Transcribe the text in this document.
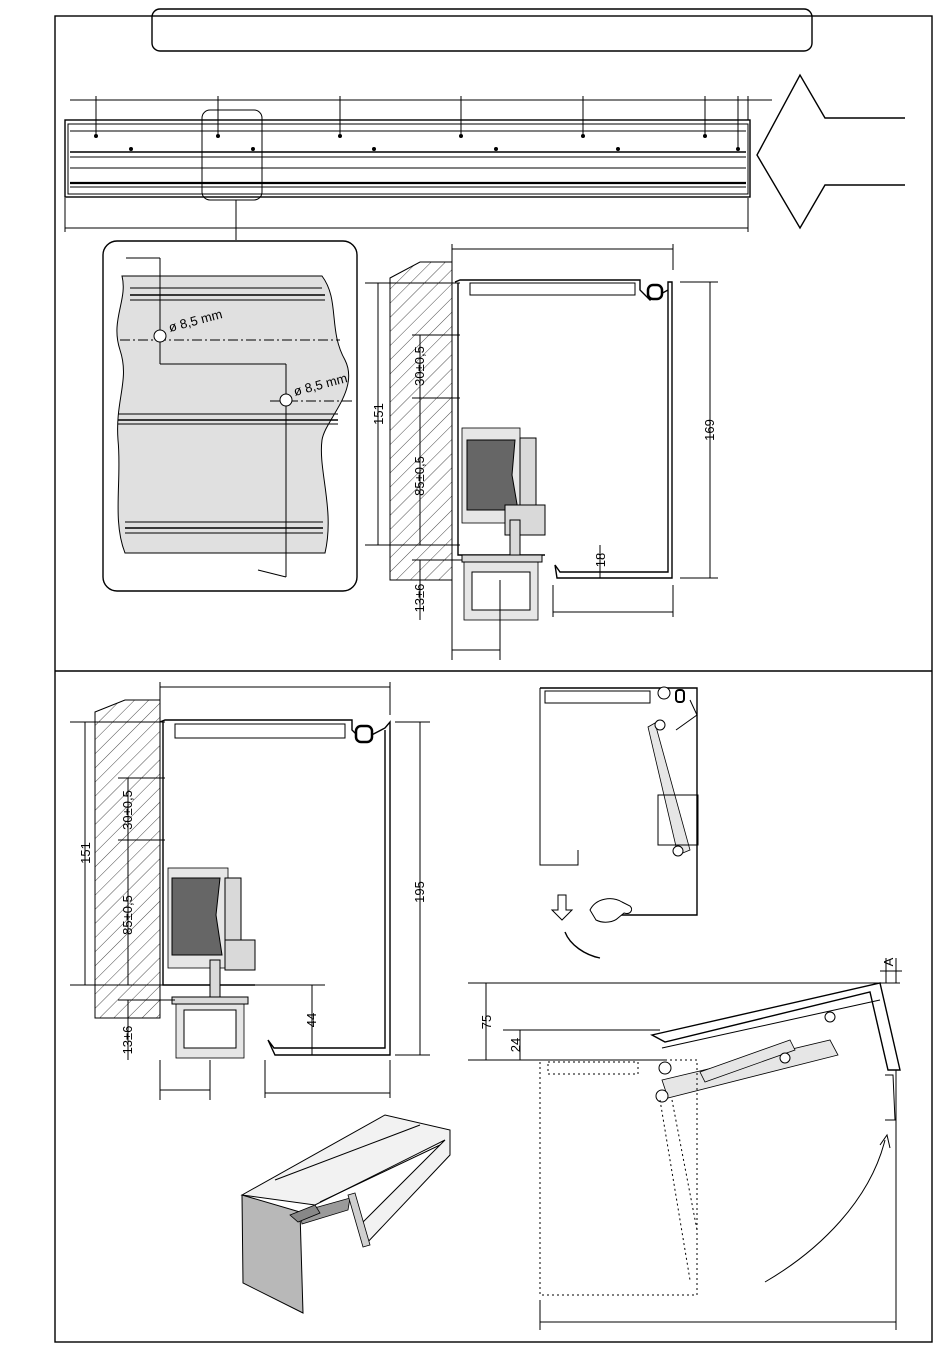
ø 8,5 mm
ø 8,5 mm
151
30±0,5
85±0,5
13±6
169
18
151
30±0,5
85±0,5
13±6
195
44	75
24
A
